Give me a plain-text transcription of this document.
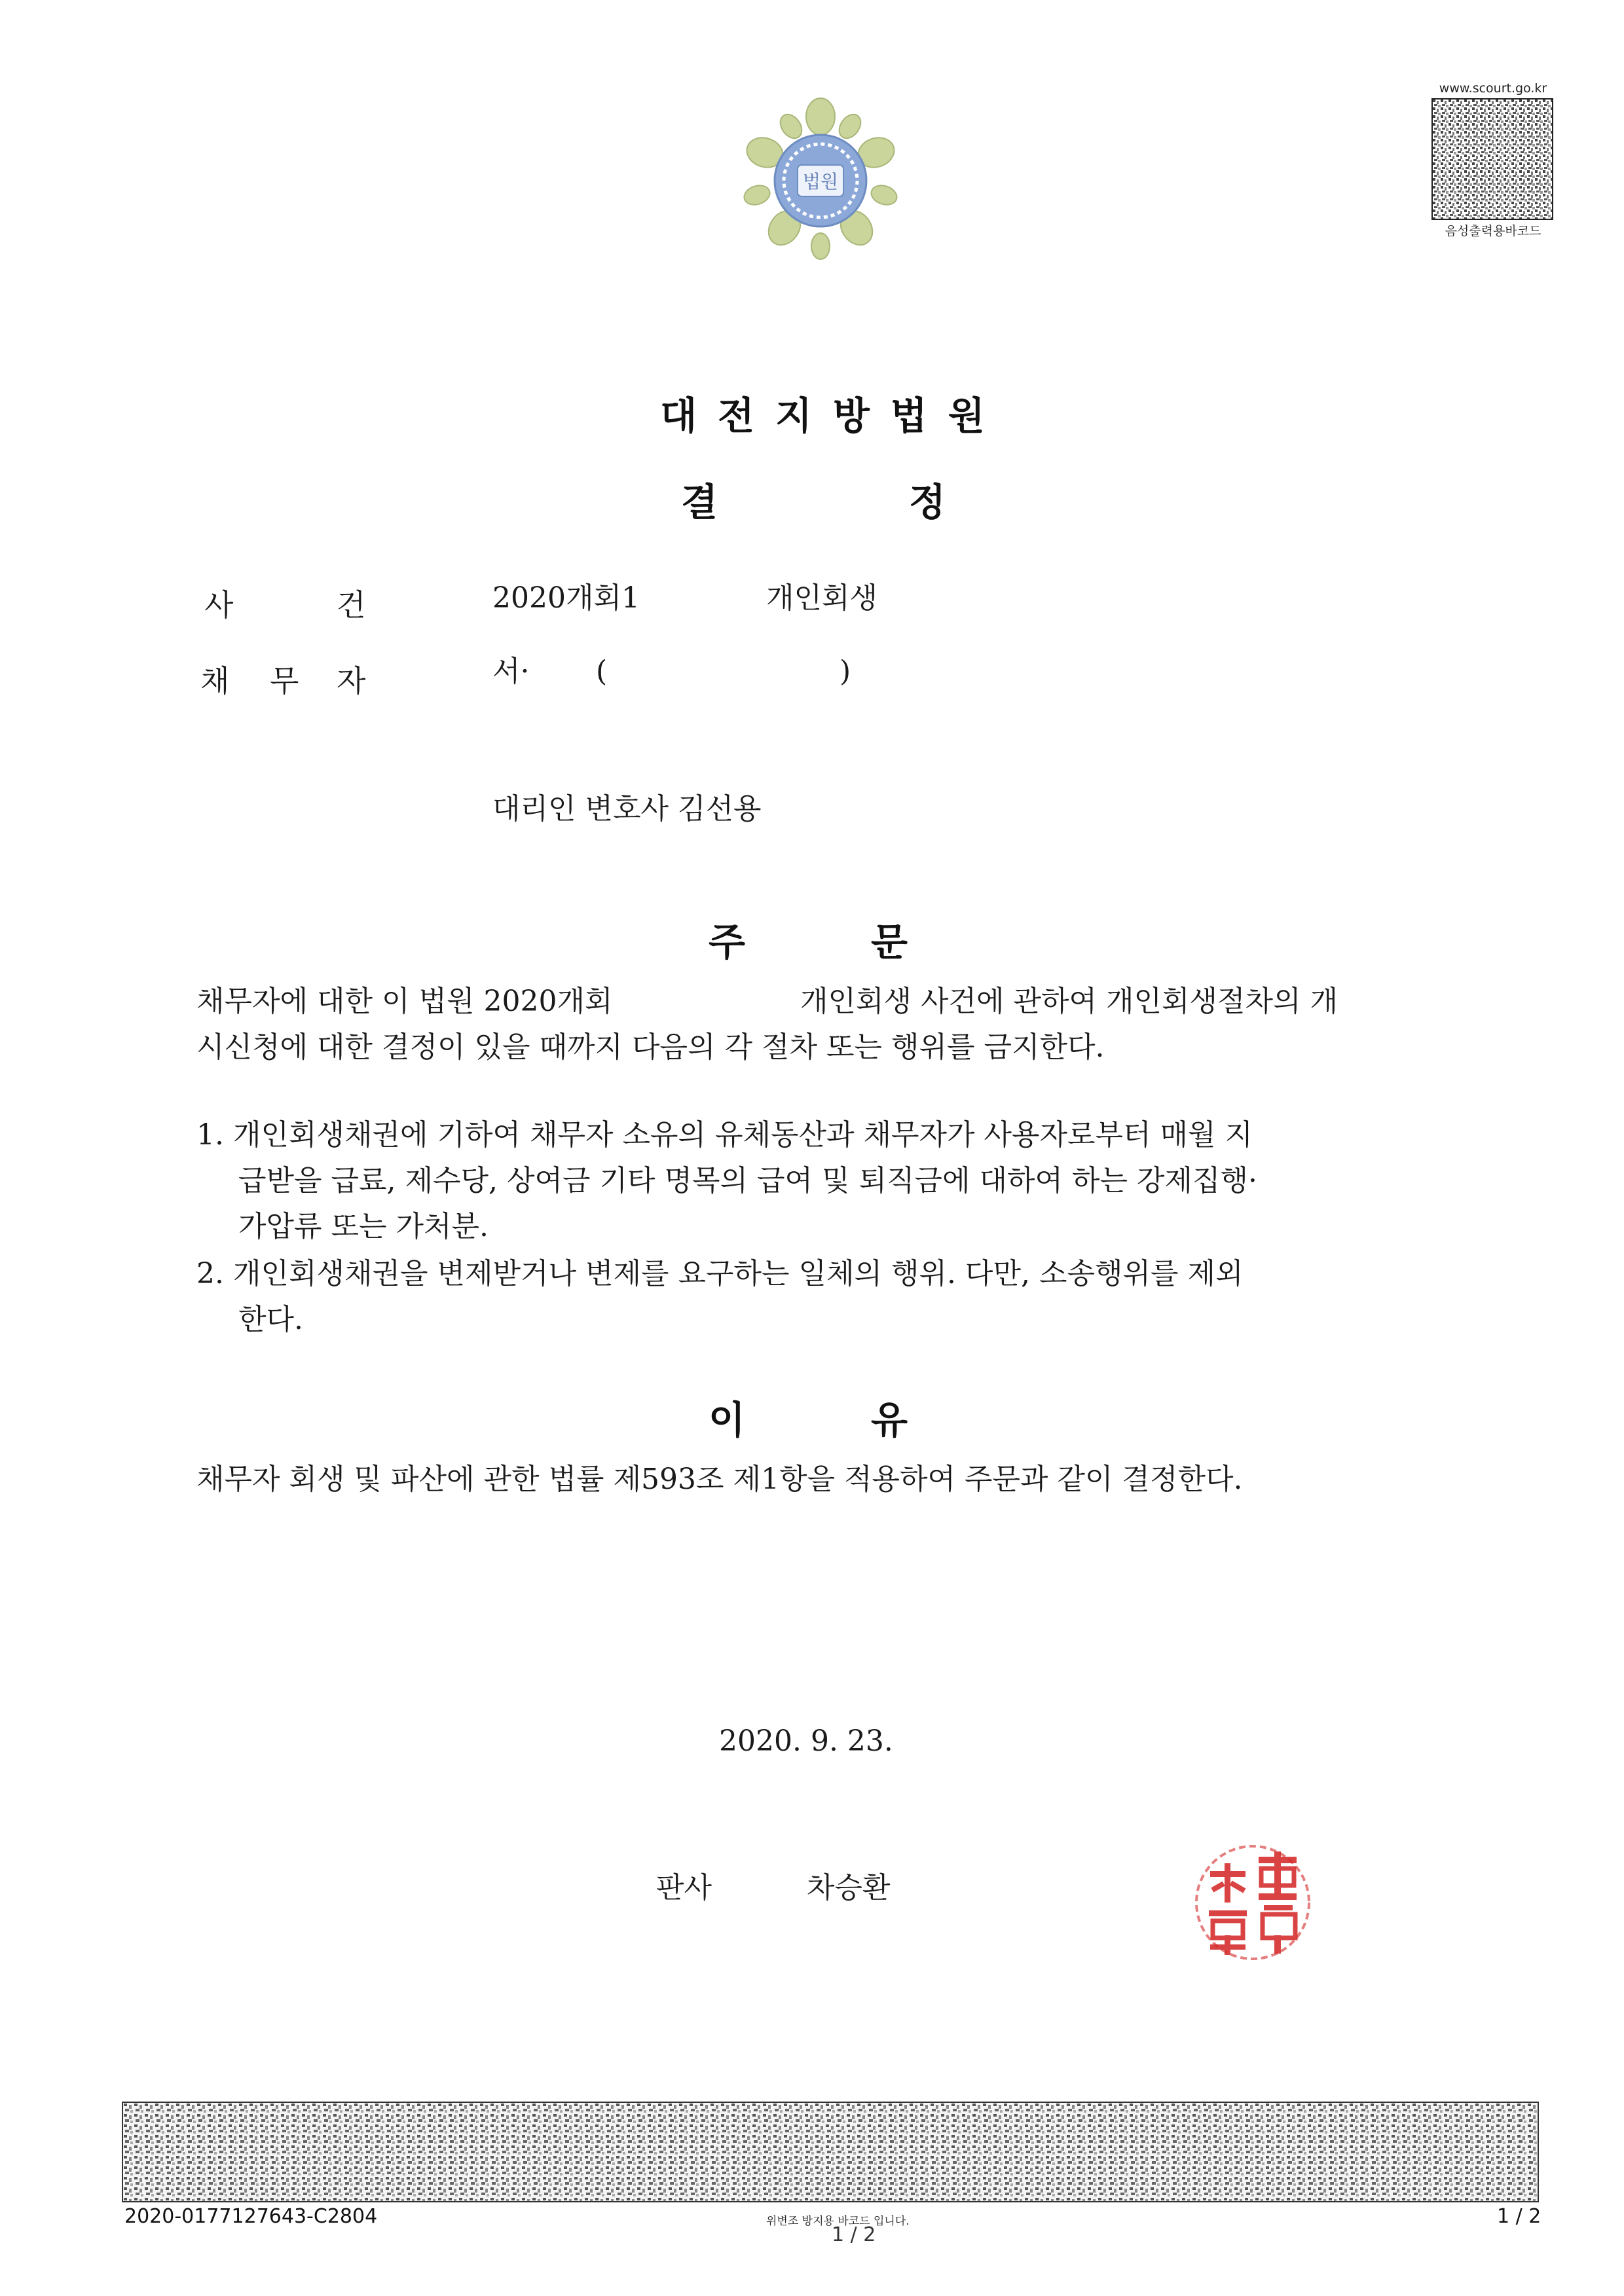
법원
www.scourt.go.kr
음성출력용바코드
대전지방법원
결	정
사	건	2020개회1	개인회생
채 무 자	서· (	)
대리인 변호사 김선용
주	문
채무자에 대한 이 법원 2020개회	개인회생 사건에 관하여 개인회생절차의 개
시신청에 대한 결정이 있을 때까지 다음의 각 절차 또는 행위를 금지한다.
1. 개인회생채권에 기하여 채무자 소유의 유체동산과 채무자가 사용자로부터 매월 지
급받을 급료, 제수당, 상여금 기타 명목의 급여 및 퇴직금에 대하여 하는 강제집행·
가압류 또는 가처분.
2. 개인회생채권을 변제받거나 변제를 요구하는 일체의 행위. 다만, 소송행위를 제외
한다.
이	유
채무자 회생 및 파산에 관한 법률 제593조 제1항을 적용하여 주문과 같이 결정한다.
2020. 9. 23.
판사	차승환
2020-0177127643-C2804	위변조 방지용 바코드 입니다.
1 / 2
1 / 2
